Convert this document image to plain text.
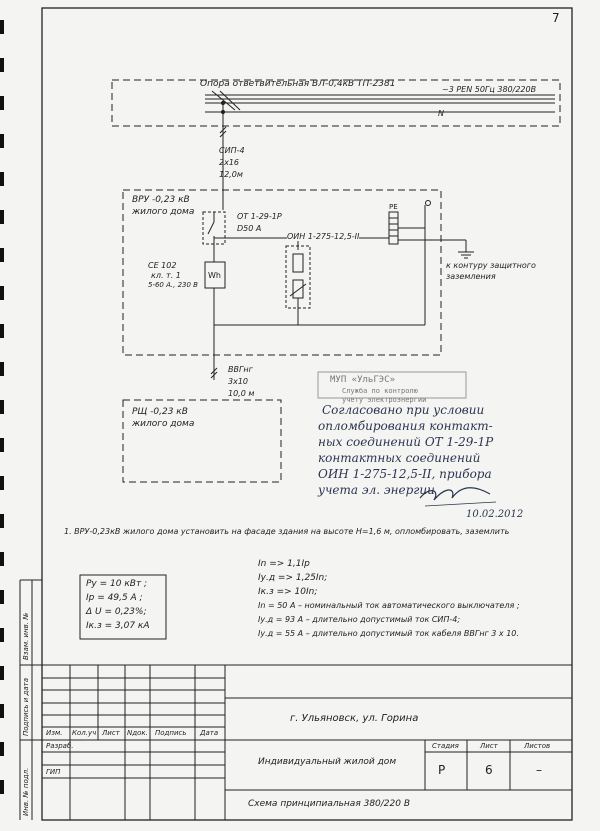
7
Опора ответвительная ВЛ-0,4кВ ТП-2381
~3 PEN 50Гц 380/220В
N
СИП-4
2х16
12,0м
ВРУ -0,23 кВ
жилого дома	ОТ 1-29-1Р
D50 А
CE 102
кл. т. 1
5-60 А., 230 В
Wh
ОИН 1-275-12,5-II
PE
к контуру защитного
заземления
ВВГнг
3х10
10,0 м
РЩ -0,23 кВ
жилого дома
МУП «УльГЭС»
Служба по контролю
учету электроэнергии
Согласовано при условии
опломбирования контакт-
ных соединений ОТ 1-29-1Р
контактных соединений
ОИН 1-275-12,5-II, прибора
учета эл. энергии
10.02.2012
1. ВРУ-0,23кВ жилого дома установить на фасаде здания на высоте Н=1,6 м, опломбировать, заземлить
Ру = 10 кВт ;
Iр = 49,5 А ;
Δ U = 0,23%;
Iк.з = 3,07 кА
In => 1,1Iр
Iу.д => 1,25In;
Iк.з => 10In;
In = 50 А – номинальный ток автоматического выключателя ;
Iу.д = 93 А – длительно допустимый ток СИП-4;
Iу.д = 55 А – длительно допустимый ток кабеля ВВГнг 3 х 10.
Взам. инв. №
Подпись и дата
Инв. № подл.
г. Ульяновск, ул. Горина
Изм. Кол.уч Лист Nдок. Подпись Дата
Разраб.
ГИП
Индивидуальный жилой дом
Схема принципиальная 380/220 В
Стадия	Лист	Листов
Р	6	–
